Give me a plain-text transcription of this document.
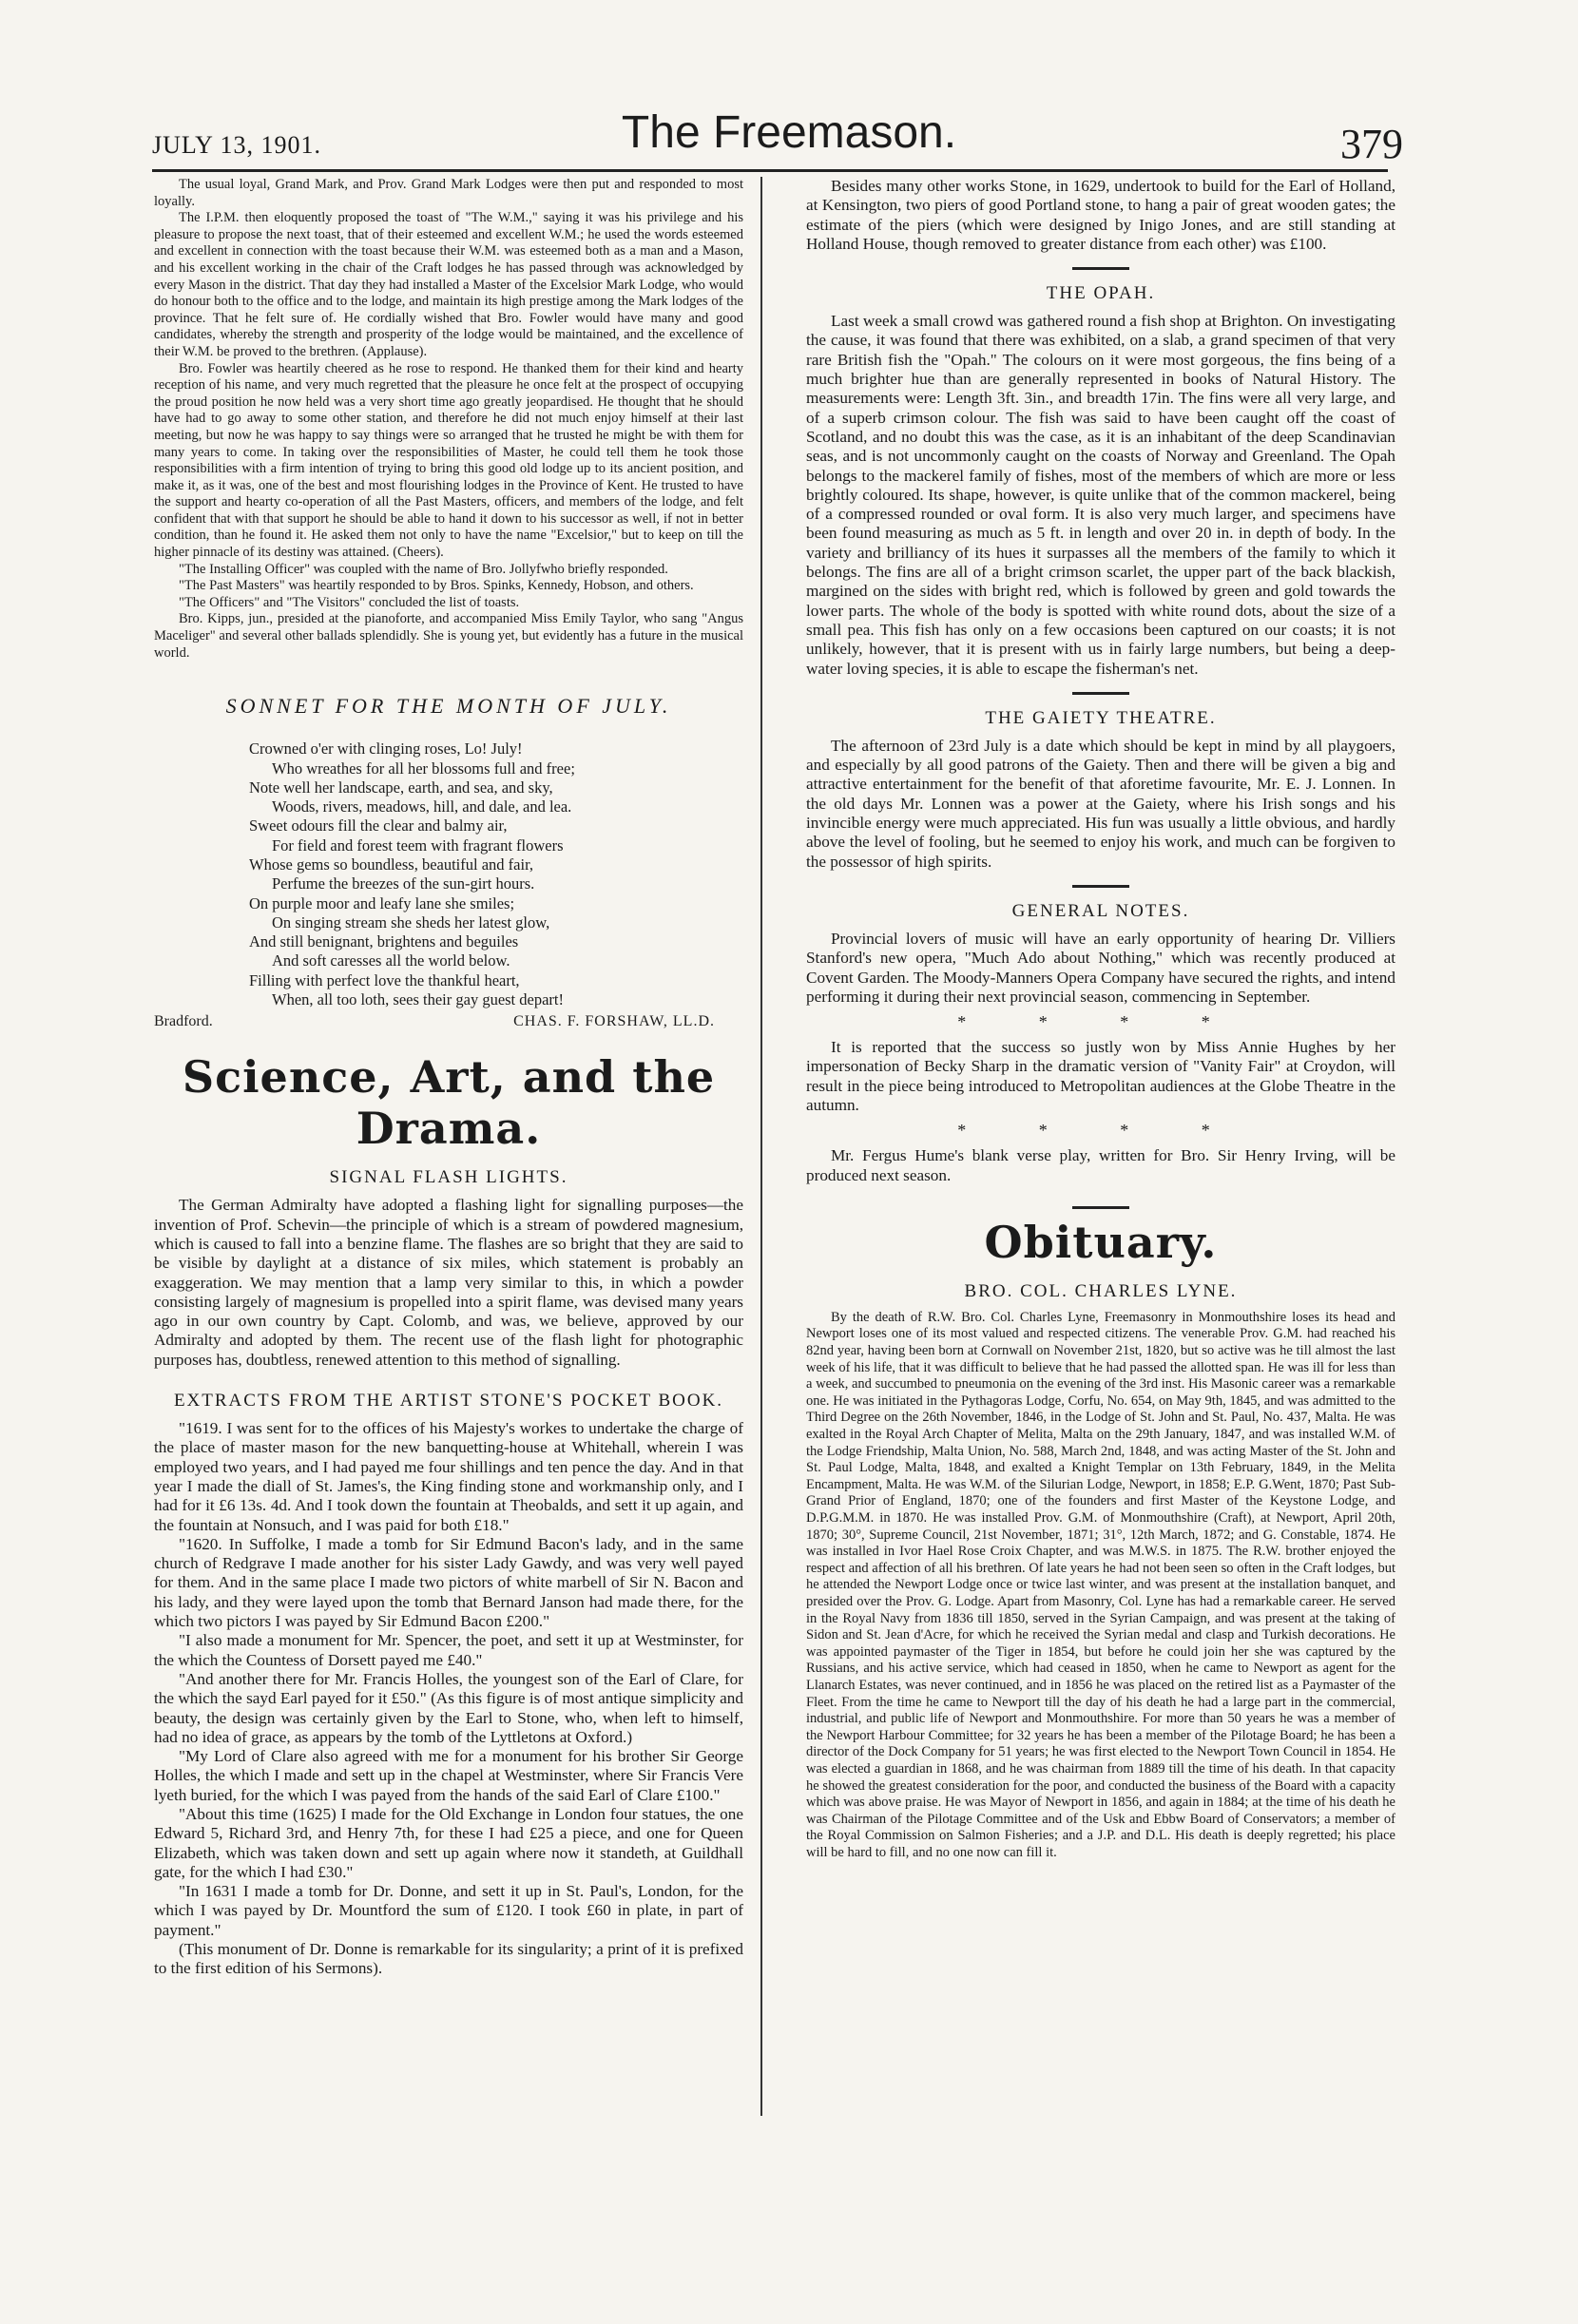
JULY 13, 1901.	The Freemason.	379

The usual loyal, Grand Mark, and Prov. Grand Mark Lodges were then put and responded to most loyally.

The I.P.M. then eloquently proposed the toast of "The W.M.," saying it was his privilege and his pleasure to propose the next toast, that of their esteemed and excellent W.M.; he used the words esteemed and excellent in connection with the toast because their W.M. was esteemed both as a man and a Mason, and his excellent working in the chair of the Craft lodges he has passed through was acknowledged by every Mason in the district. That day they had installed a Master of the Excelsior Mark Lodge, who would do honour both to the office and to the lodge, and maintain its high prestige among the Mark lodges of the province. That he felt sure of. He cordially wished that Bro. Fowler would have many and good candidates, whereby the strength and prosperity of the lodge would be maintained, and the excellence of their W.M. be proved to the brethren. (Applause).

Bro. Fowler was heartily cheered as he rose to respond. He thanked them for their kind and hearty reception of his name, and very much regretted that the pleasure he once felt at the prospect of occupying the proud position he now held was a very short time ago greatly jeopardised. He thought that he should have had to go away to some other station, and therefore he did not much enjoy himself at their last meeting, but now he was happy to say things were so arranged that he trusted he might be with them for many years to come. In taking over the responsibilities of Master, he could tell them he took those responsibilities with a firm intention of trying to bring this good old lodge up to its ancient position, and make it, as it was, one of the best and most flourishing lodges in the Province of Kent. He trusted to have the support and hearty co-operation of all the Past Masters, officers, and members of the lodge, and felt confident that with that support he should be able to hand it down to his successor as well, if not in better condition, than he found it. He asked them not only to have the name "Excelsior," but to keep on till the higher pinnacle of its destiny was attained. (Cheers).

"The Installing Officer" was coupled with the name of Bro. Jollyfwho briefly responded.

"The Past Masters" was heartily responded to by Bros. Spinks, Kennedy, Hobson, and others.

"The Officers" and "The Visitors" concluded the list of toasts.

Bro. Kipps, jun., presided at the pianoforte, and accompanied Miss Emily Taylor, who sang "Angus Maceliger" and several other ballads splendidly. She is young yet, but evidently has a future in the musical world.

SONNET FOR THE MONTH OF JULY.
Crowned o'er with clinging roses, Lo! July!
Who wreathes for all her blossoms full and free;
Note well her landscape, earth, and sea, and sky,
Woods, rivers, meadows, hill, and dale, and lea.
Sweet odours fill the clear and balmy air,
For field and forest teem with fragrant flowers
Whose gems so boundless, beautiful and fair,
Perfume the breezes of the sun-girt hours.
On purple moor and leafy lane she smiles;
On singing stream she sheds her latest glow,
And still benignant, brightens and beguiles
And soft caresses all the world below.
Filling with perfect love the thankful heart,
When, all too loth, sees their gay guest depart!
Bradford.	CHAS. F. FORSHAW, LL.D.
Science, Art, and the Drama.
SIGNAL FLASH LIGHTS.

The German Admiralty have adopted a flashing light for signalling purposes—the invention of Prof. Schevin—the principle of which is a stream of powdered magnesium, which is caused to fall into a benzine flame. The flashes are so bright that they are said to be visible by daylight at a distance of six miles, which statement is probably an exaggeration. We may mention that a lamp very similar to this, in which a powder consisting largely of magnesium is propelled into a spirit flame, was devised many years ago in our own country by Capt. Colomb, and was, we believe, approved by our Admiralty and adopted by them. The recent use of the flash light for photographic purposes has, doubtless, renewed attention to this method of signalling.

EXTRACTS FROM THE ARTIST STONE'S POCKET BOOK.

"1619. I was sent for to the offices of his Majesty's workes to undertake the charge of the place of master mason for the new banquetting-house at Whitehall, wherein I was employed two years, and I had payed me four shillings and ten pence the day. And in that year I made the diall of St. James's, the King finding stone and workmanship only, and I had for it £6 13s. 4d. And I took down the fountain at Theobalds, and sett it up again, and the fountain at Nonsuch, and I was paid for both £18."

"1620. In Suffolke, I made a tomb for Sir Edmund Bacon's lady, and in the same church of Redgrave I made another for his sister Lady Gawdy, and was very well payed for them. And in the same place I made two pictors of white marbell of Sir N. Bacon and his lady, and they were layed upon the tomb that Bernard Janson had made there, for the which two pictors I was payed by Sir Edmund Bacon £200."

"I also made a monument for Mr. Spencer, the poet, and sett it up at Westminster, for the which the Countess of Dorsett payed me £40."

"And another there for Mr. Francis Holles, the youngest son of the Earl of Clare, for the which the sayd Earl payed for it £50." (As this figure is of most antique simplicity and beauty, the design was certainly given by the Earl to Stone, who, when left to himself, had no idea of grace, as appears by the tomb of the Lyttletons at Oxford.)

"My Lord of Clare also agreed with me for a monument for his brother Sir George Holles, the which I made and sett up in the chapel at Westminster, where Sir Francis Vere lyeth buried, for the which I was payed from the hands of the said Earl of Clare £100."

"About this time (1625) I made for the Old Exchange in London four statues, the one Edward 5, Richard 3rd, and Henry 7th, for these I had £25 a piece, and one for Queen Elizabeth, which was taken down and sett up again where now it standeth, at Guildhall gate, for the which I had £30."

"In 1631 I made a tomb for Dr. Donne, and sett it up in St. Paul's, London, for the which I was payed by Dr. Mountford the sum of £120. I took £60 in plate, in part of payment."

(This monument of Dr. Donne is remarkable for its singularity; a print of it is prefixed to the first edition of his Sermons).

Besides many other works Stone, in 1629, undertook to build for the Earl of Holland, at Kensington, two piers of good Portland stone, to hang a pair of great wooden gates; the estimate of the piers (which were designed by Inigo Jones, and are still standing at Holland House, though removed to greater distance from each other) was £100.

THE OPAH.

Last week a small crowd was gathered round a fish shop at Brighton. On investigating the cause, it was found that there was exhibited, on a slab, a grand specimen of that very rare British fish the "Opah." The colours on it were most gorgeous, the fins being of a much brighter hue than are generally represented in books of Natural History. The measurements were: Length 3ft. 3in., and breadth 17in. The fins were all very large, and of a superb crimson colour. The fish was said to have been caught off the coast of Scotland, and no doubt this was the case, as it is an inhabitant of the deep Scandinavian seas, and is not uncommonly caught on the coasts of Norway and Greenland. The Opah belongs to the mackerel family of fishes, most of the members of which are more or less brightly coloured. Its shape, however, is quite unlike that of the common mackerel, being of a compressed rounded or oval form. It is also very much larger, and specimens have been found measuring as much as 5 ft. in length and over 20 in. in depth of body. In the variety and brilliancy of its hues it surpasses all the members of the family to which it belongs. The fins are all of a bright crimson scarlet, the upper part of the back blackish, margined on the sides with bright red, which is followed by green and gold towards the lower parts. The whole of the body is spotted with white round dots, about the size of a small pea. This fish has only on a few occasions been captured on our coasts; it is not unlikely, however, that it is present with us in fairly large numbers, but being a deep-water loving species, it is able to escape the fisherman's net.

THE GAIETY THEATRE.

The afternoon of 23rd July is a date which should be kept in mind by all playgoers, and especially by all good patrons of the Gaiety. Then and there will be given a big and attractive entertainment for the benefit of that aforetime favourite, Mr. E. J. Lonnen. In the old days Mr. Lonnen was a power at the Gaiety, where his Irish songs and his invincible energy were much appreciated. His fun was usually a little obvious, and hardly above the level of fooling, but he seemed to enjoy his work, and much can be forgiven to the possessor of high spirits.

GENERAL NOTES.

Provincial lovers of music will have an early opportunity of hearing Dr. Villiers Stanford's new opera, "Much Ado about Nothing," which was recently produced at Covent Garden. The Moody-Manners Opera Company have secured the rights, and intend performing it during their next provincial season, commencing in September.

* * * *

It is reported that the success so justly won by Miss Annie Hughes by her impersonation of Becky Sharp in the dramatic version of "Vanity Fair" at Croydon, will result in the piece being introduced to Metropolitan audiences at the Globe Theatre in the autumn.

* * * *

Mr. Fergus Hume's blank verse play, written for Bro. Sir Henry Irving, will be produced next season.

Obituary.
BRO. COL. CHARLES LYNE.

By the death of R.W. Bro. Col. Charles Lyne, Freemasonry in Monmouthshire loses its head and Newport loses one of its most valued and respected citizens. The venerable Prov. G.M. had reached his 82nd year, having been born at Cornwall on November 21st, 1820, but so active was he till almost the last week of his life, that it was difficult to believe that he had passed the allotted span. He was ill for less than a week, and succumbed to pneumonia on the evening of the 3rd inst. His Masonic career was a remarkable one. He was initiated in the Pythagoras Lodge, Corfu, No. 654, on May 9th, 1845, and was admitted to the Third Degree on the 26th November, 1846, in the Lodge of St. John and St. Paul, No. 437, Malta. He was exalted in the Royal Arch Chapter of Melita, Malta on the 29th January, 1847, and was installed W.M. of the Lodge Friendship, Malta Union, No. 588, March 2nd, 1848, and was acting Master of the St. John and St. Paul Lodge, Malta, 1848, and exalted a Knight Templar on 13th February, 1849, in the Melita Encampment, Malta. He was W.M. of the Silurian Lodge, Newport, in 1858; E.P. G.Went, 1870; Past Sub-Grand Prior of England, 1870; one of the founders and first Master of the Keystone Lodge, and D.P.G.M.M. in 1870. He was installed Prov. G.M. of Monmouthshire (Craft), at Newport, April 20th, 1870; 30°, Supreme Council, 21st November, 1871; 31°, 12th March, 1872; and G. Constable, 1874. He was installed in Ivor Hael Rose Croix Chapter, and was M.W.S. in 1875. The R.W. brother enjoyed the respect and affection of all his brethren. Of late years he had not been seen so often in the Craft lodges, but he attended the Newport Lodge once or twice last winter, and was present at the installation banquet, and presided over the Prov. G. Lodge. Apart from Masonry, Col. Lyne has had a remarkable career. He served in the Royal Navy from 1836 till 1850, served in the Syrian Campaign, and was present at the taking of Sidon and St. Jean d'Acre, for which he received the Syrian medal and clasp and Turkish decorations. He was appointed paymaster of the Tiger in 1854, but before he could join her she was captured by the Russians, and his active service, which had ceased in 1850, when he came to Newport as agent for the Llanarch Estates, was never continued, and in 1856 he was placed on the retired list as a Paymaster of the Fleet. From the time he came to Newport till the day of his death he had a large part in the commercial, industrial, and public life of Newport and Monmouthshire. For more than 50 years he was a member of the Newport Harbour Committee; for 32 years he has been a member of the Pilotage Board; he has been a director of the Dock Company for 51 years; he was first elected to the Newport Town Council in 1854. He was elected a guardian in 1868, and he was chairman from 1889 till the time of his death. In that capacity he showed the greatest consideration for the poor, and conducted the business of the Board with a capacity which was above praise. He was Mayor of Newport in 1856, and again in 1884; at the time of his death he was Chairman of the Pilotage Committee and of the Usk and Ebbw Board of Conservators; a member of the Royal Commission on Salmon Fisheries; and a J.P. and D.L. His death is deeply regretted; his place will be hard to fill, and no one now can fill it.
